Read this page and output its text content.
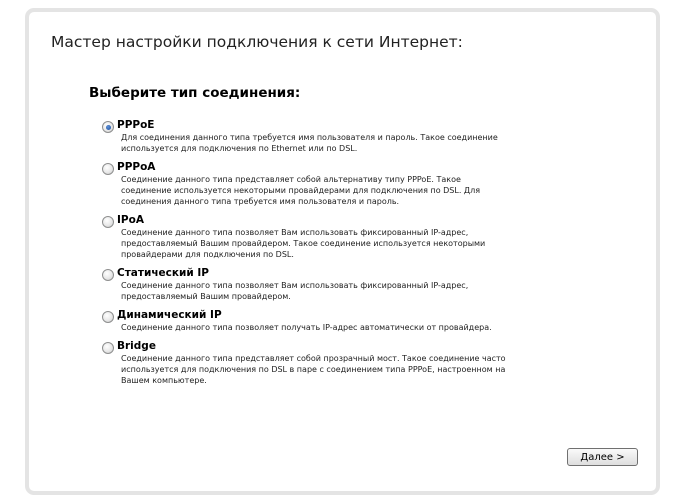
Мастер настройки подключения к сети Интернет:
Выберите тип соединения:
PPPoE
Для соединения данного типа требуется имя пользователя и пароль. Такое соединение
используется для подключения по Ethernet или по DSL.
PPPoA
Соединение данного типа представляет собой альтернативу типу PPPoE. Такое
соединение используется некоторыми провайдерами для подключения по DSL. Для
соединения данного типа требуется имя пользователя и пароль.
IPoA
Соединение данного типа позволяет Вам использовать фиксированный IP-адрес,
предоставляемый Вашим провайдером. Такое соединение используется некоторыми
провайдерами для подключения по DSL.
Статический IP
Соединение данного типа позволяет Вам использовать фиксированный IP-адрес,
предоставляемый Вашим провайдером.
Динамический IP
Соединение данного типа позволяет получать IP-адрес автоматически от провайдера.
Bridge
Соединение данного типа представляет собой прозрачный мост. Такое соединение часто
используется для подключения по DSL в паре с соединением типа PPPoE, настроенном на
Вашем компьютере.
Далее >
